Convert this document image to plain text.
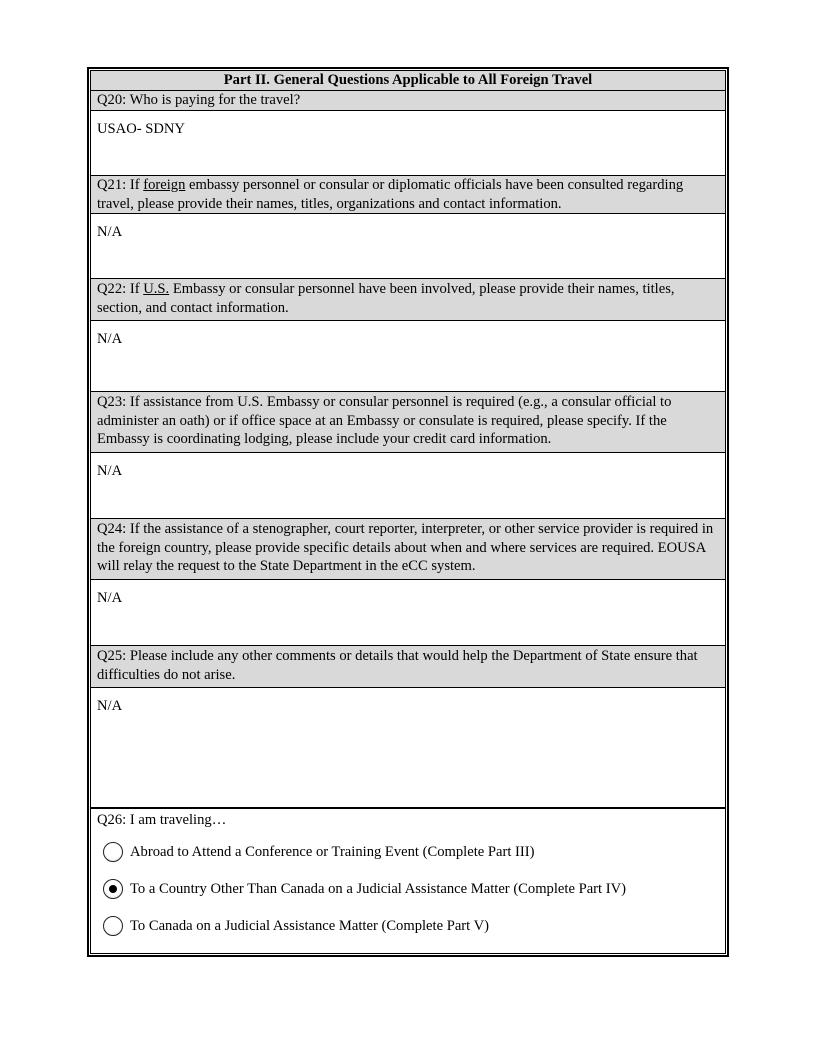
Part II. General Questions Applicable to All Foreign Travel
Q20: Who is paying for the travel?
USAO- SDNY
Q21: If foreign embassy personnel or consular or diplomatic officials have been consulted regarding travel, please provide their names, titles, organizations and contact information.
N/A
Q22: If U.S. Embassy or consular personnel have been involved, please provide their names, titles, section, and contact information.
N/A
Q23: If assistance from U.S. Embassy or consular personnel is required (e.g., a consular official to administer an oath) or if office space at an Embassy or consulate is required, please specify. If the Embassy is coordinating lodging, please include your credit card information.
N/A
Q24: If the assistance of a stenographer, court reporter, interpreter, or other service provider is required in the foreign country, please provide specific details about when and where services are required. EOUSA will relay the request to the State Department in the eCC system.
N/A
Q25: Please include any other comments or details that would help the Department of State ensure that difficulties do not arise.
N/A
Q26: I am traveling…
Abroad to Attend a Conference or Training Event (Complete Part III)
To a Country Other Than Canada on a Judicial Assistance Matter (Complete Part IV)
To Canada on a Judicial Assistance Matter (Complete Part V)
